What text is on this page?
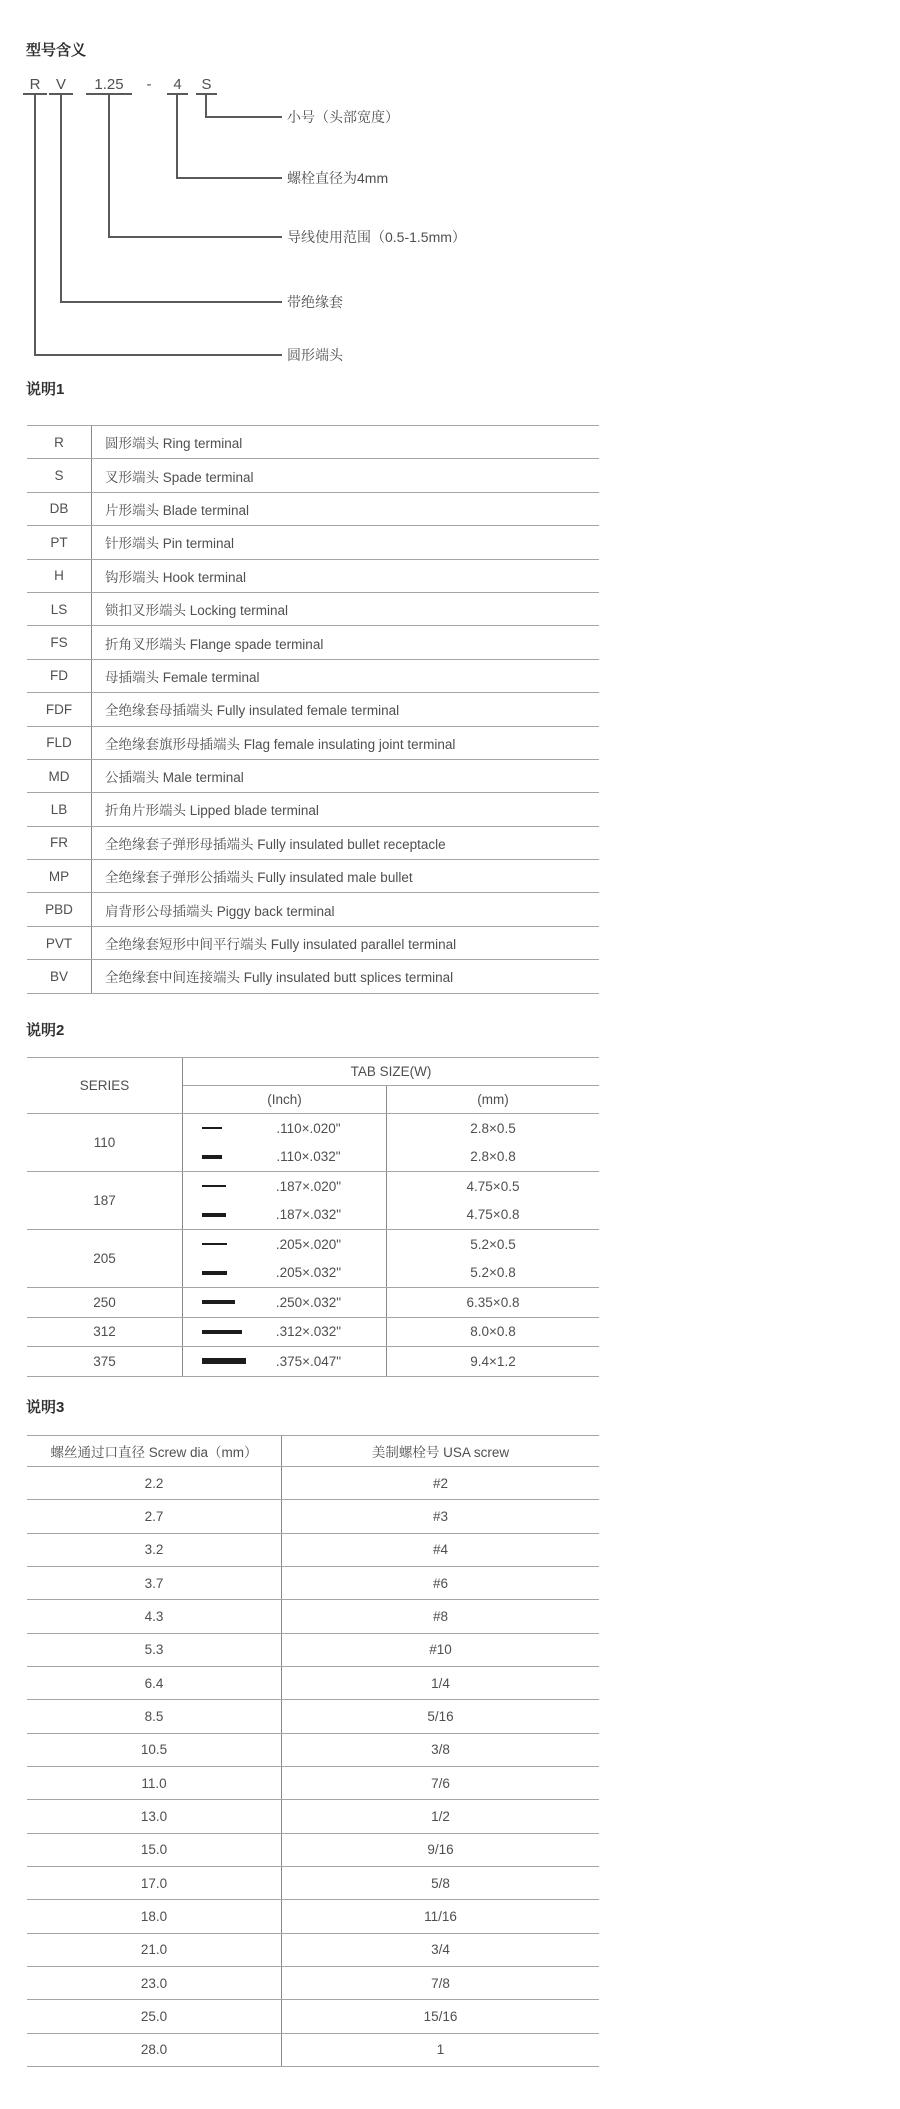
型号含义
R	V	1.25	-	4	S
小号（头部宽度）
螺栓直径为4mm
导线使用范围（0.5-1.5mm）
带绝缘套
圆形端头
说明1
R	圆形端头 Ring terminal
S	叉形端头 Spade terminal
DB	片形端头 Blade terminal
PT	针形端头 Pin terminal
H	钩形端头 Hook terminal
LS	锁扣叉形端头 Locking terminal
FS	折角叉形端头 Flange spade terminal
FD	母插端头 Female terminal
FDF	全绝缘套母插端头 Fully insulated female terminal
FLD	全绝缘套旗形母插端头 Flag female insulating joint terminal
MD	公插端头 Male terminal
LB	折角片形端头 Lipped blade terminal
FR	全绝缘套子弹形母插端头 Fully insulated bullet receptacle
MP	全绝缘套子弹形公插端头 Fully insulated male bullet
PBD	肩背形公母插端头 Piggy back terminal
PVT	全绝缘套短形中间平行端头 Fully insulated parallel terminal
BV	全绝缘套中间连接端头 Fully insulated butt splices terminal
说明2
SERIES
TAB SIZE(W)
(Inch)	(mm)
110
.110×.020"	2.8×0.5
.110×.032"	2.8×0.8
187
.187×.020"	4.75×0.5
.187×.032"	4.75×0.8
205
.205×.020"	5.2×0.5
.205×.032"	5.2×0.8
250	.250×.032"	6.35×0.8
312	.312×.032"	8.0×0.8
375	.375×.047"	9.4×1.2
说明3
螺丝通过口直径 Screw dia（mm）	美制螺栓号 USA screw
2.2	#2
2.7	#3
3.2	#4
3.7	#6
4.3	#8
5.3	#10
6.4	1/4
8.5	5/16
10.5	3/8
11.0	7/6
13.0	1/2
15.0	9/16
17.0	5/8
18.0	11/16
21.0	3/4
23.0	7/8
25.0	15/16
28.0	1
